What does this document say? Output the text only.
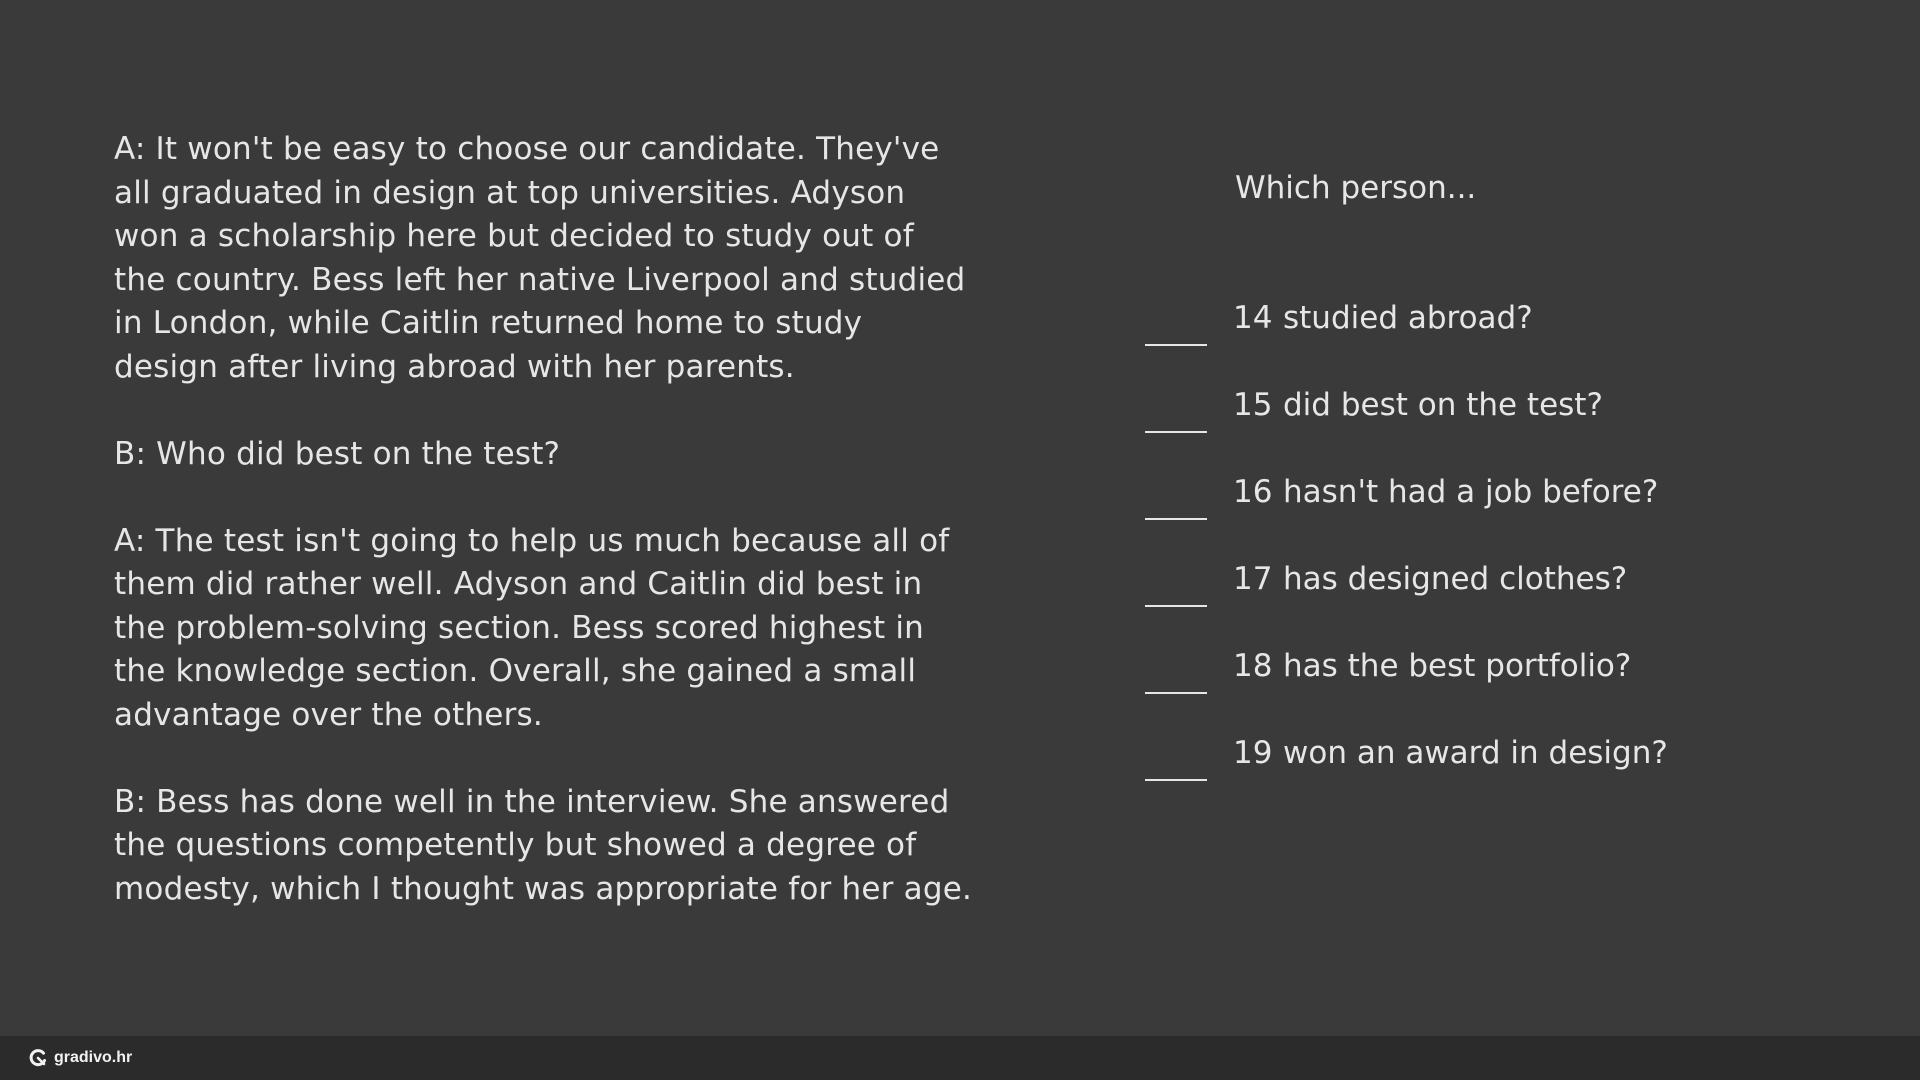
A: It won't be easy to choose our candidate. They've all graduated in design at top universities. Adyson won a scholarship here but decided to study out of the country. Bess left her native Liverpool and studied in London, while Caitlin returned home to study design after living abroad with her parents.

B: Who did best on the test?

A: The test isn't going to help us much because all of them did rather well. Adyson and Caitlin did best in the problem-solving section. Bess scored highest in the knowledge section. Overall, she gained a small advantage over the others.

B: Bess has done well in the interview. She answered the questions competently but showed a degree of modesty, which I thought was appropriate for her age.

Which person...
14 studied abroad?
15 did best on the test?
16 hasn't had a job before?
17 has designed clothes?
18 has the best portfolio?
19 won an award in design?
gradivo.hr
